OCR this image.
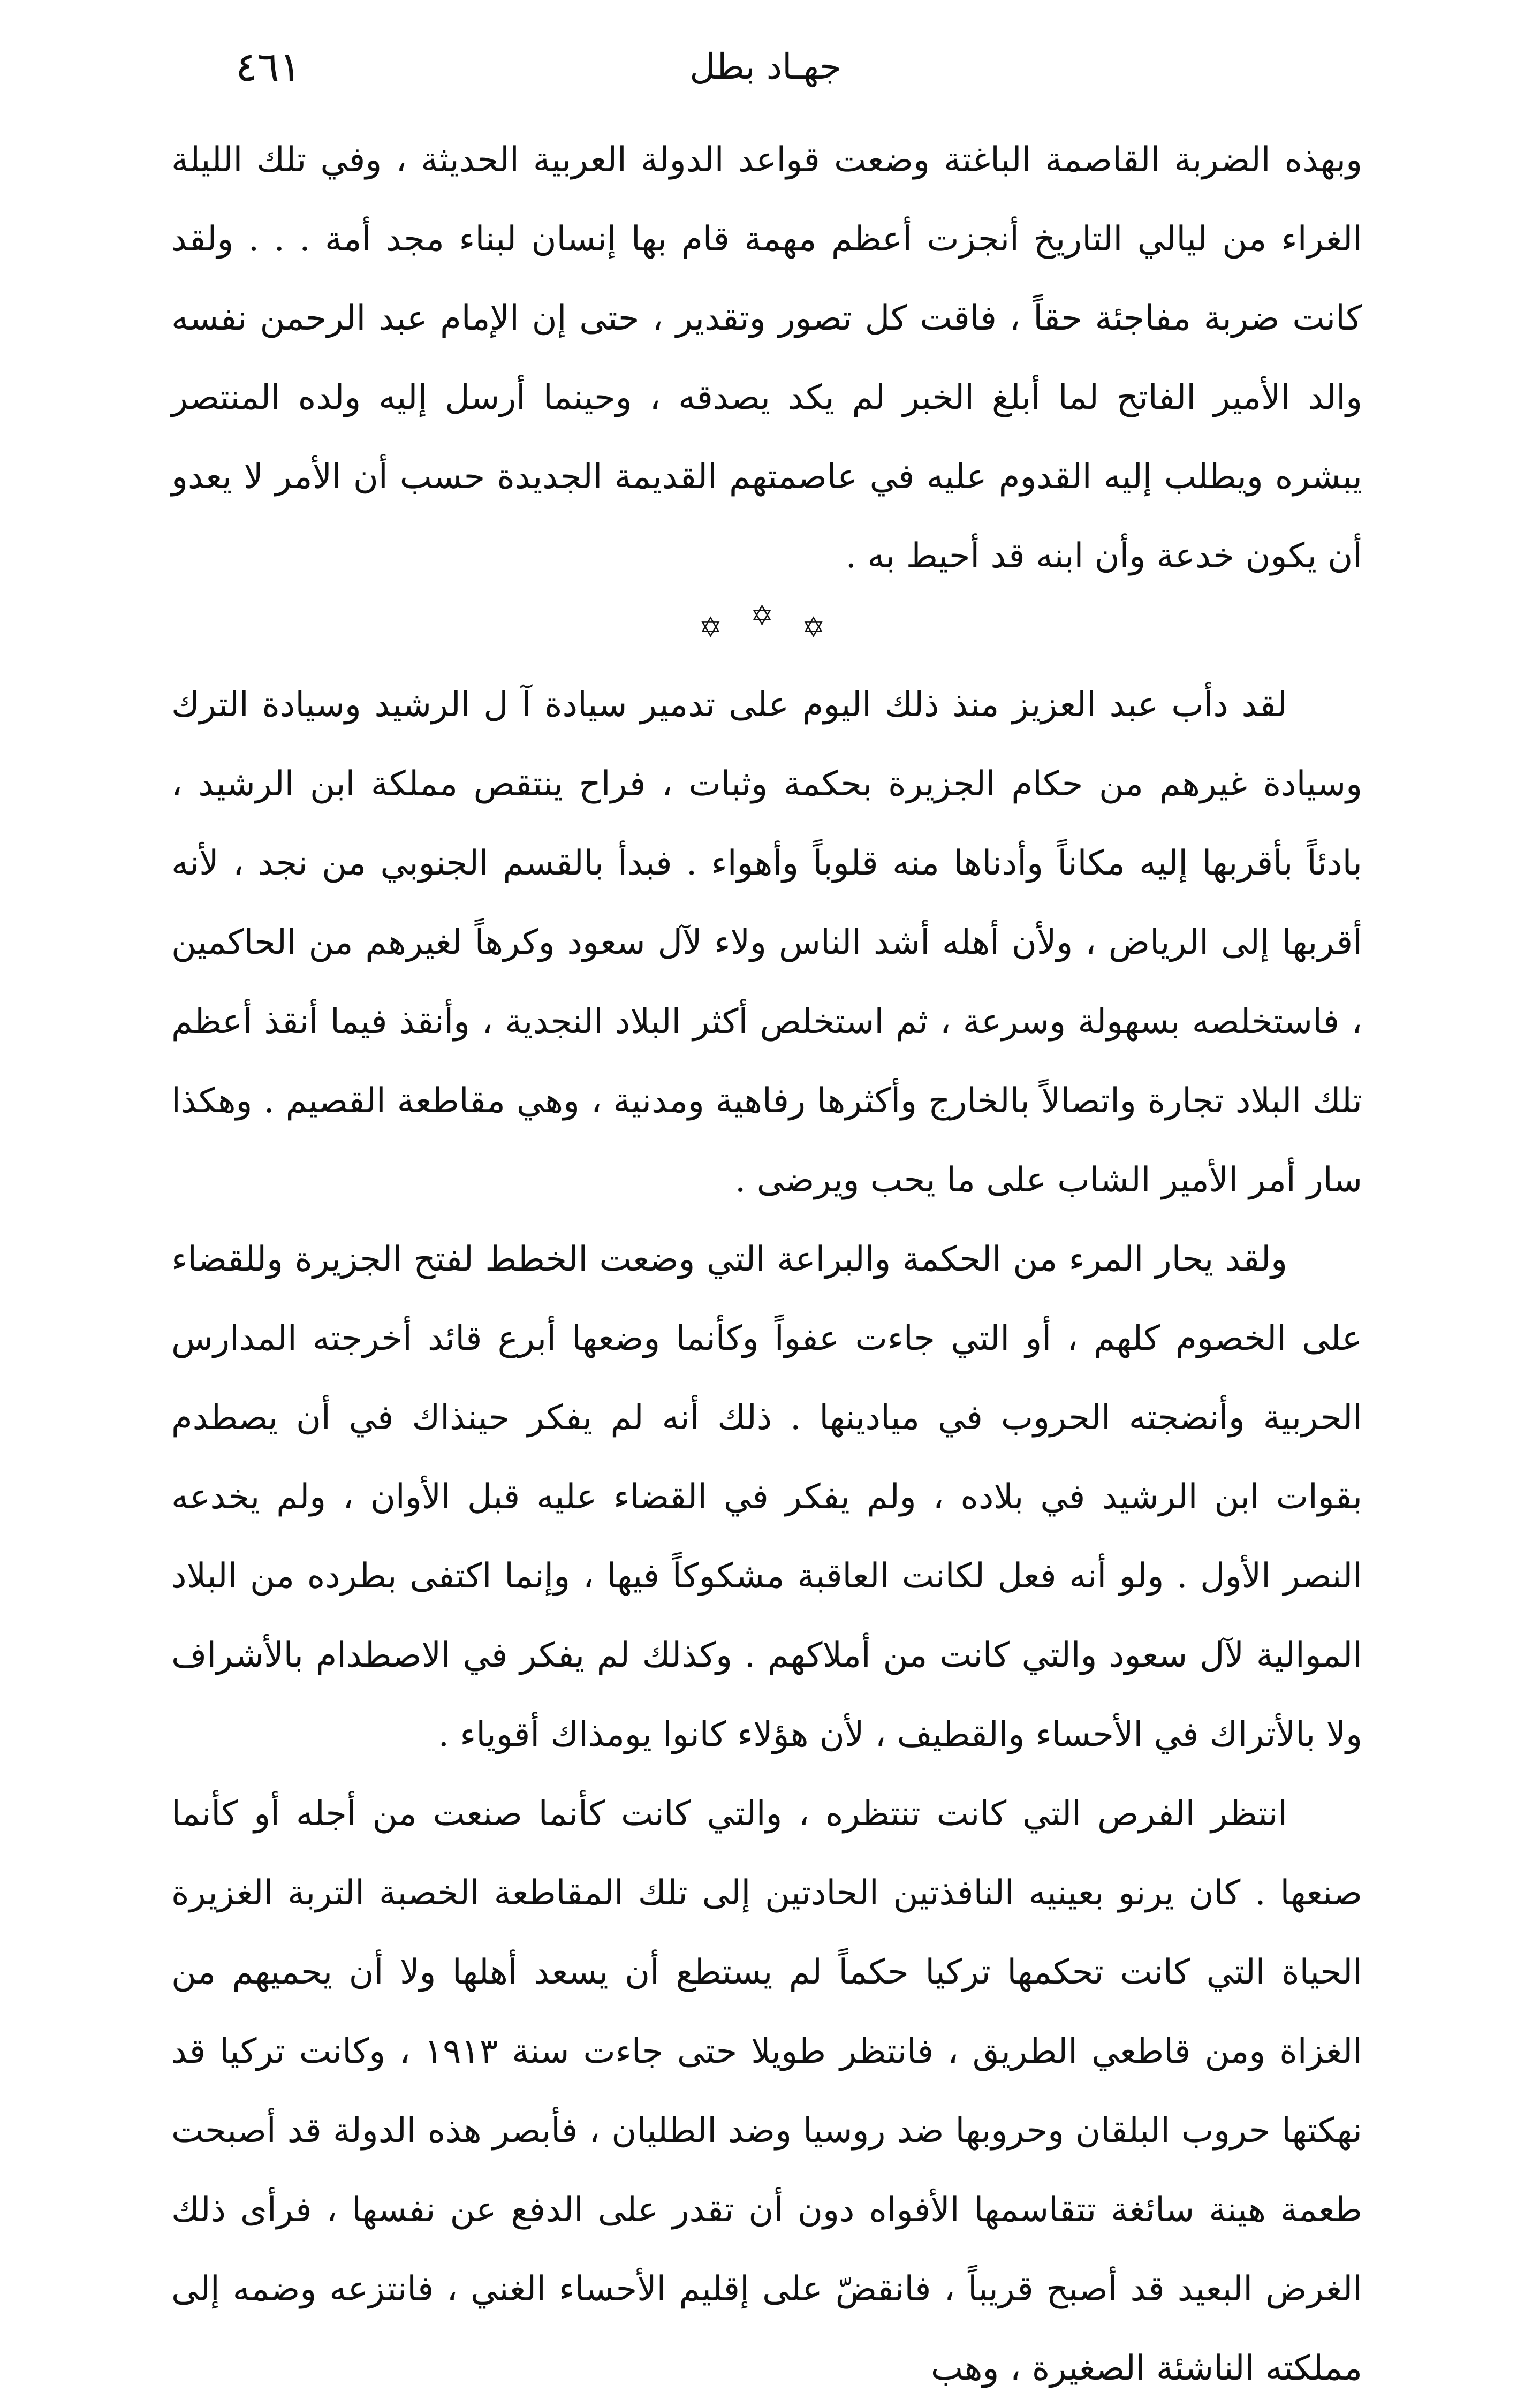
٤٦١	جهـاد بطل

وبهذه الضربة القاصمة الباغتة وضعت قواعد الدولة العربية الحديثة ، وفي تلك الليلة الغراء من ليالي التاريخ أنجزت أعظم مهمة قام بها إنسان لبناء مجد أمة . . . ولقد كانت ضربة مفاجئة حقاً ، فاقت كل تصور وتقدير ، حتى إن الإمام عبد الرحمن نفسه والد الأمير الفاتح لما أبلغ الخبر لم يكد يصدقه ، وحينما أرسل إليه ولده المنتصر يبشره ويطلب إليه القدوم عليه في عاصمتهم القديمة الجديدة حسب أن الأمر لا يعدو أن يكون خدعة وأن ابنه قد أحيط به .

✡ ✡ ✡

لقد دأب عبد العزيز منذ ذلك اليوم على تدمير سيادة آ ل الرشيد وسيادة الترك وسيادة غيرهم من حكام الجزيرة بحكمة وثبات ، فراح ينتقص مملكة ابن الرشيد ، بادئاً بأقربها إليه مكاناً وأدناها منه قلوباً وأهواء . فبدأ بالقسم الجنوبي من نجد ، لأنه أقربها إلى الرياض ، ولأن أهله أشد الناس ولاء لآل سعود وكرهاً لغيرهم من الحاكمين ، فاستخلصه بسهولة وسرعة ، ثم استخلص أكثر البلاد النجدية ، وأنقذ فيما أنقذ أعظم تلك البلاد تجارة واتصالاً بالخارج وأكثرها رفاهية ومدنية ، وهي مقاطعة القصيم . وهكذا سار أمر الأمير الشاب على ما يحب ويرضى .

ولقد يحار المرء من الحكمة والبراعة التي وضعت الخطط لفتح الجزيرة وللقضاء على الخصوم كلهم ، أو التي جاءت عفواً وكأنما وضعها أبرع قائد أخرجته المدارس الحربية وأنضجته الحروب في ميادينها . ذلك أنه لم يفكر حينذاك في أن يصطدم بقوات ابن الرشيد في بلاده ، ولم يفكر في القضاء عليه قبل الأوان ، ولم يخدعه النصر الأول . ولو أنه فعل لكانت العاقبة مشكوكاً فيها ، وإنما اكتفى بطرده من البلاد الموالية لآل سعود والتي كانت من أملاكهم . وكذلك لم يفكر في الاصطدام بالأشراف ولا بالأتراك في الأحساء والقطيف ، لأن هؤلاء كانوا يومذاك أقوياء .

انتظر الفرص التي كانت تنتظره ، والتي كانت كأنما صنعت من أجله أو كأنما صنعها . كان يرنو بعينيه النافذتين الحادتين إلى تلك المقاطعة الخصبة التربة الغزيرة الحياة التي كانت تحكمها تركيا حكماً لم يستطع أن يسعد أهلها ولا أن يحميهم من الغزاة ومن قاطعي الطريق ، فانتظر طويلا حتى جاءت سنة ١٩١٣ ، وكانت تركيا قد نهكتها حروب البلقان وحروبها ضد روسيا وضد الطليان ، فأبصر هذه الدولة قد أصبحت طعمة هينة سائغة تتقاسمها الأفواه دون أن تقدر على الدفع عن نفسها ، فرأى ذلك الغرض البعيد قد أصبح قريباً ، فانقضّ على إقليم الأحساء الغني ، فانتزعه وضمه إلى مملكته الناشئة الصغيرة ، وهب
